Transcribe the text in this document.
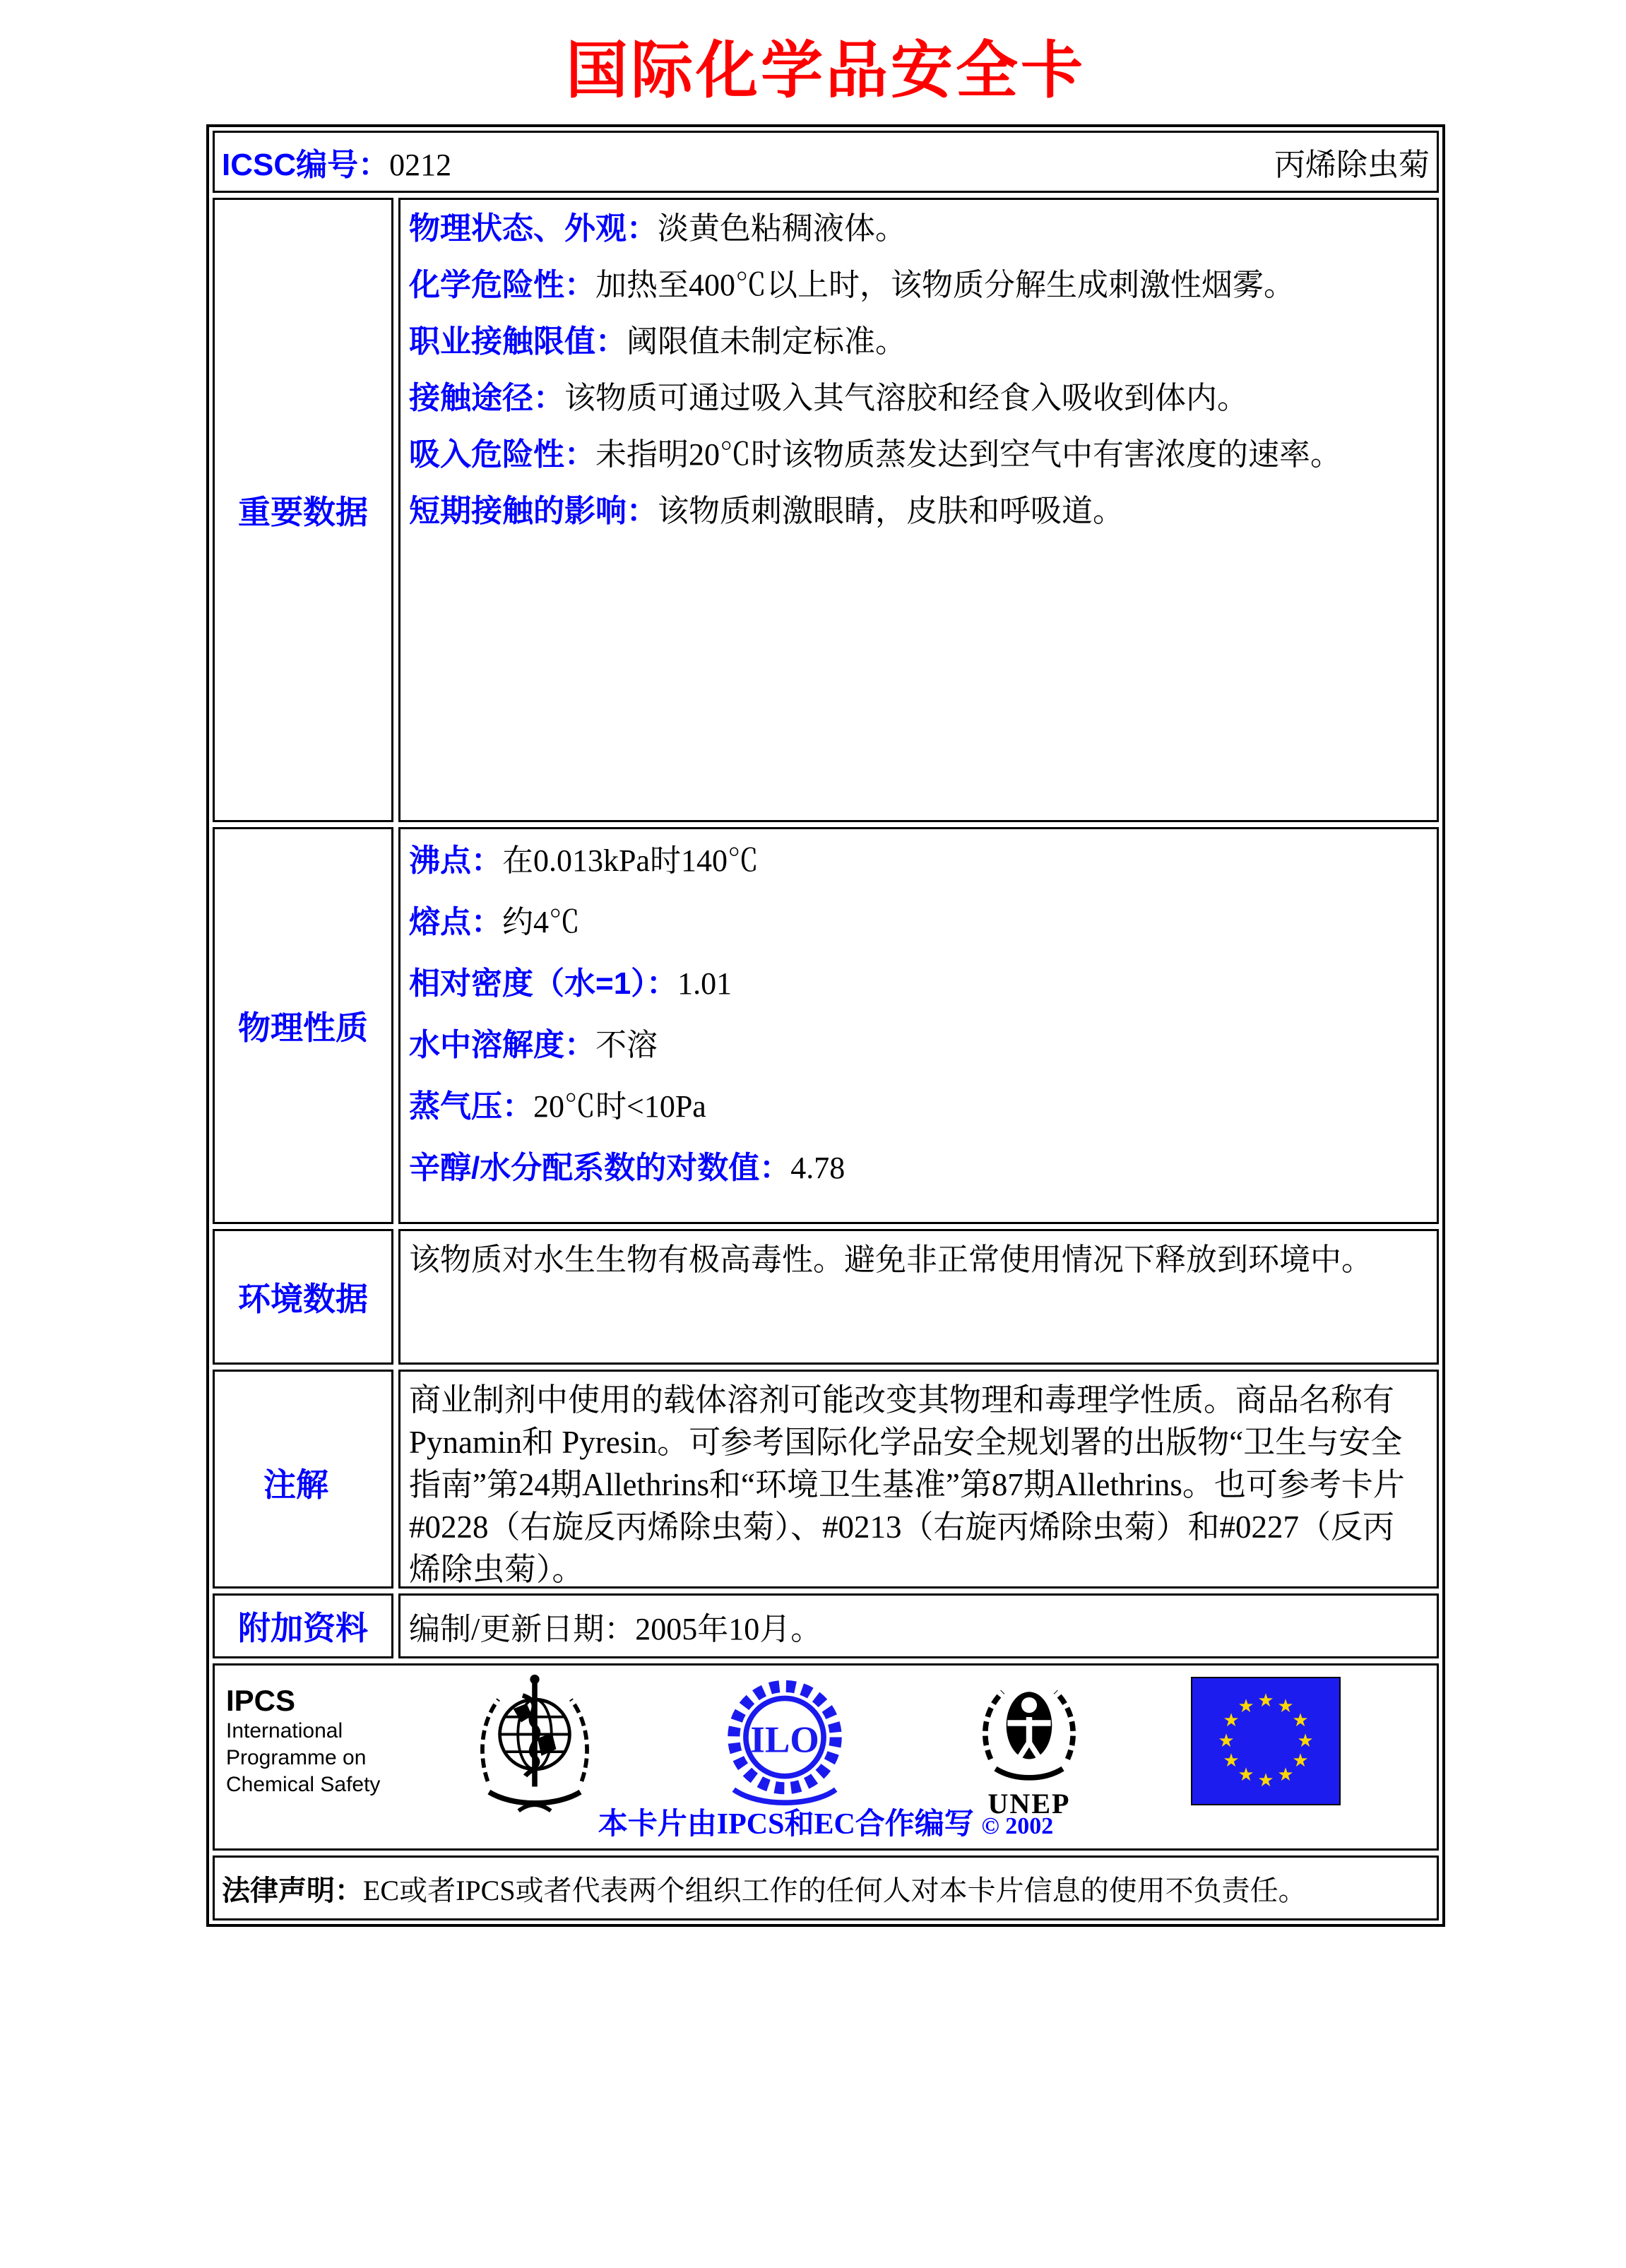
国际化学品安全卡
ICSC编号：0212	丙烯除虫菊
重要数据
物理状态、外观：淡黄色粘稠液体。
化学危险性：加热至400℃以上时，该物质分解生成刺激性烟雾。
职业接触限值：阈限值未制定标准。
接触途径：该物质可通过吸入其气溶胶和经食入吸收到体内。
吸入危险性：未指明20℃时该物质蒸发达到空气中有害浓度的速率。
短期接触的影响：该物质刺激眼睛，皮肤和呼吸道。
物理性质
沸点：在0.013kPa时140℃
熔点：约4℃
相对密度（水=1）：1.01
水中溶解度：不溶
蒸气压：20℃时<10Pa
辛醇/水分配系数的对数值：4.78
环境数据
该物质对水生生物有极高毒性。避免非正常使用情况下释放到环境中。
注解
商业制剂中使用的载体溶剂可能改变其物理和毒理学性质。商品名称有Pynamin和 Pyresin。可参考国际化学品安全规划署的出版物“卫生与安全指南”第24期Allethrins和“环境卫生基准”第87期Allethrins。也可参考卡片#0228（右旋反丙烯除虫菊）、#0213（右旋丙烯除虫菊）和#0227（反丙烯除虫菊）。
附加资料 编制/更新日期：2005年10月。
IPCS
International
Programme on
Chemical Safety
ILO
UNEP
★ ★
★
★
★
★
★
★
★
★
★
★
本卡片由IPCS和EC合作编写 © 2002
法律声明： EC或者IPCS或者代表两个组织工作的任何人对本卡片信息的使用不负责任。
